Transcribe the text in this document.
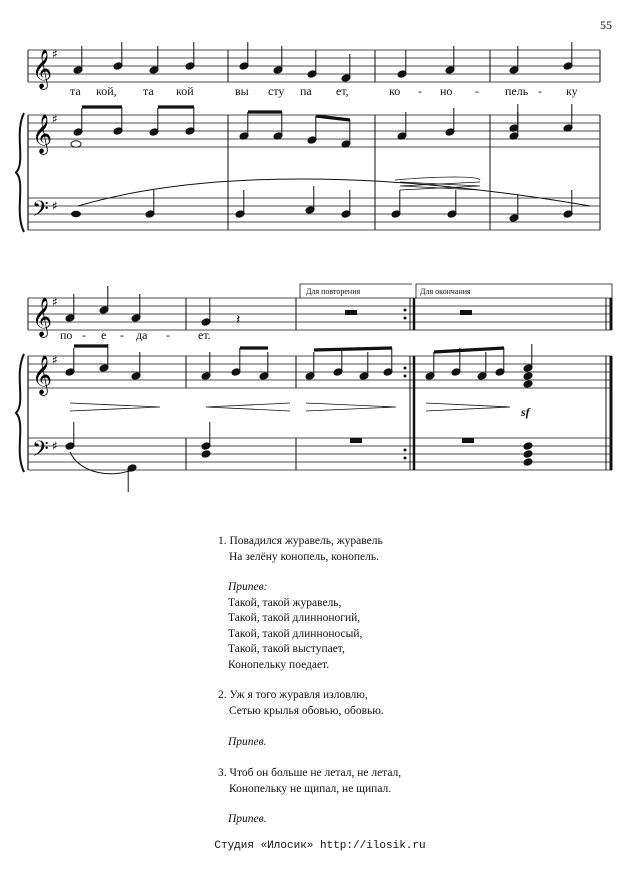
55
𝄞
𝄞
𝄢
♯
♯
♯
𝄞
𝄞
𝄢
♯
♯
♯
𝄽
та кой, та кой	вы сту па ет,	ко - но - пель - ку
по - е - да - ет.
Для повторения	Для окончания
sf
1. Повадился журавель, журавель
На зелёну конопель, конопель.
Припев:
Такой, такой журавель,
Такой, такой длинноногий,
Такой, такой длинноносый,
Такой, такой выступает,
Конопельку поедает.
2. Уж я того журавля изловлю,
Сетью крылья обовью, обовью.
Припев.
3. Чтоб он больше не летал, не летал,
Конопельку не щипал, не щипал.
Припев.
Студия «Илосик» http://ilosik.ru
